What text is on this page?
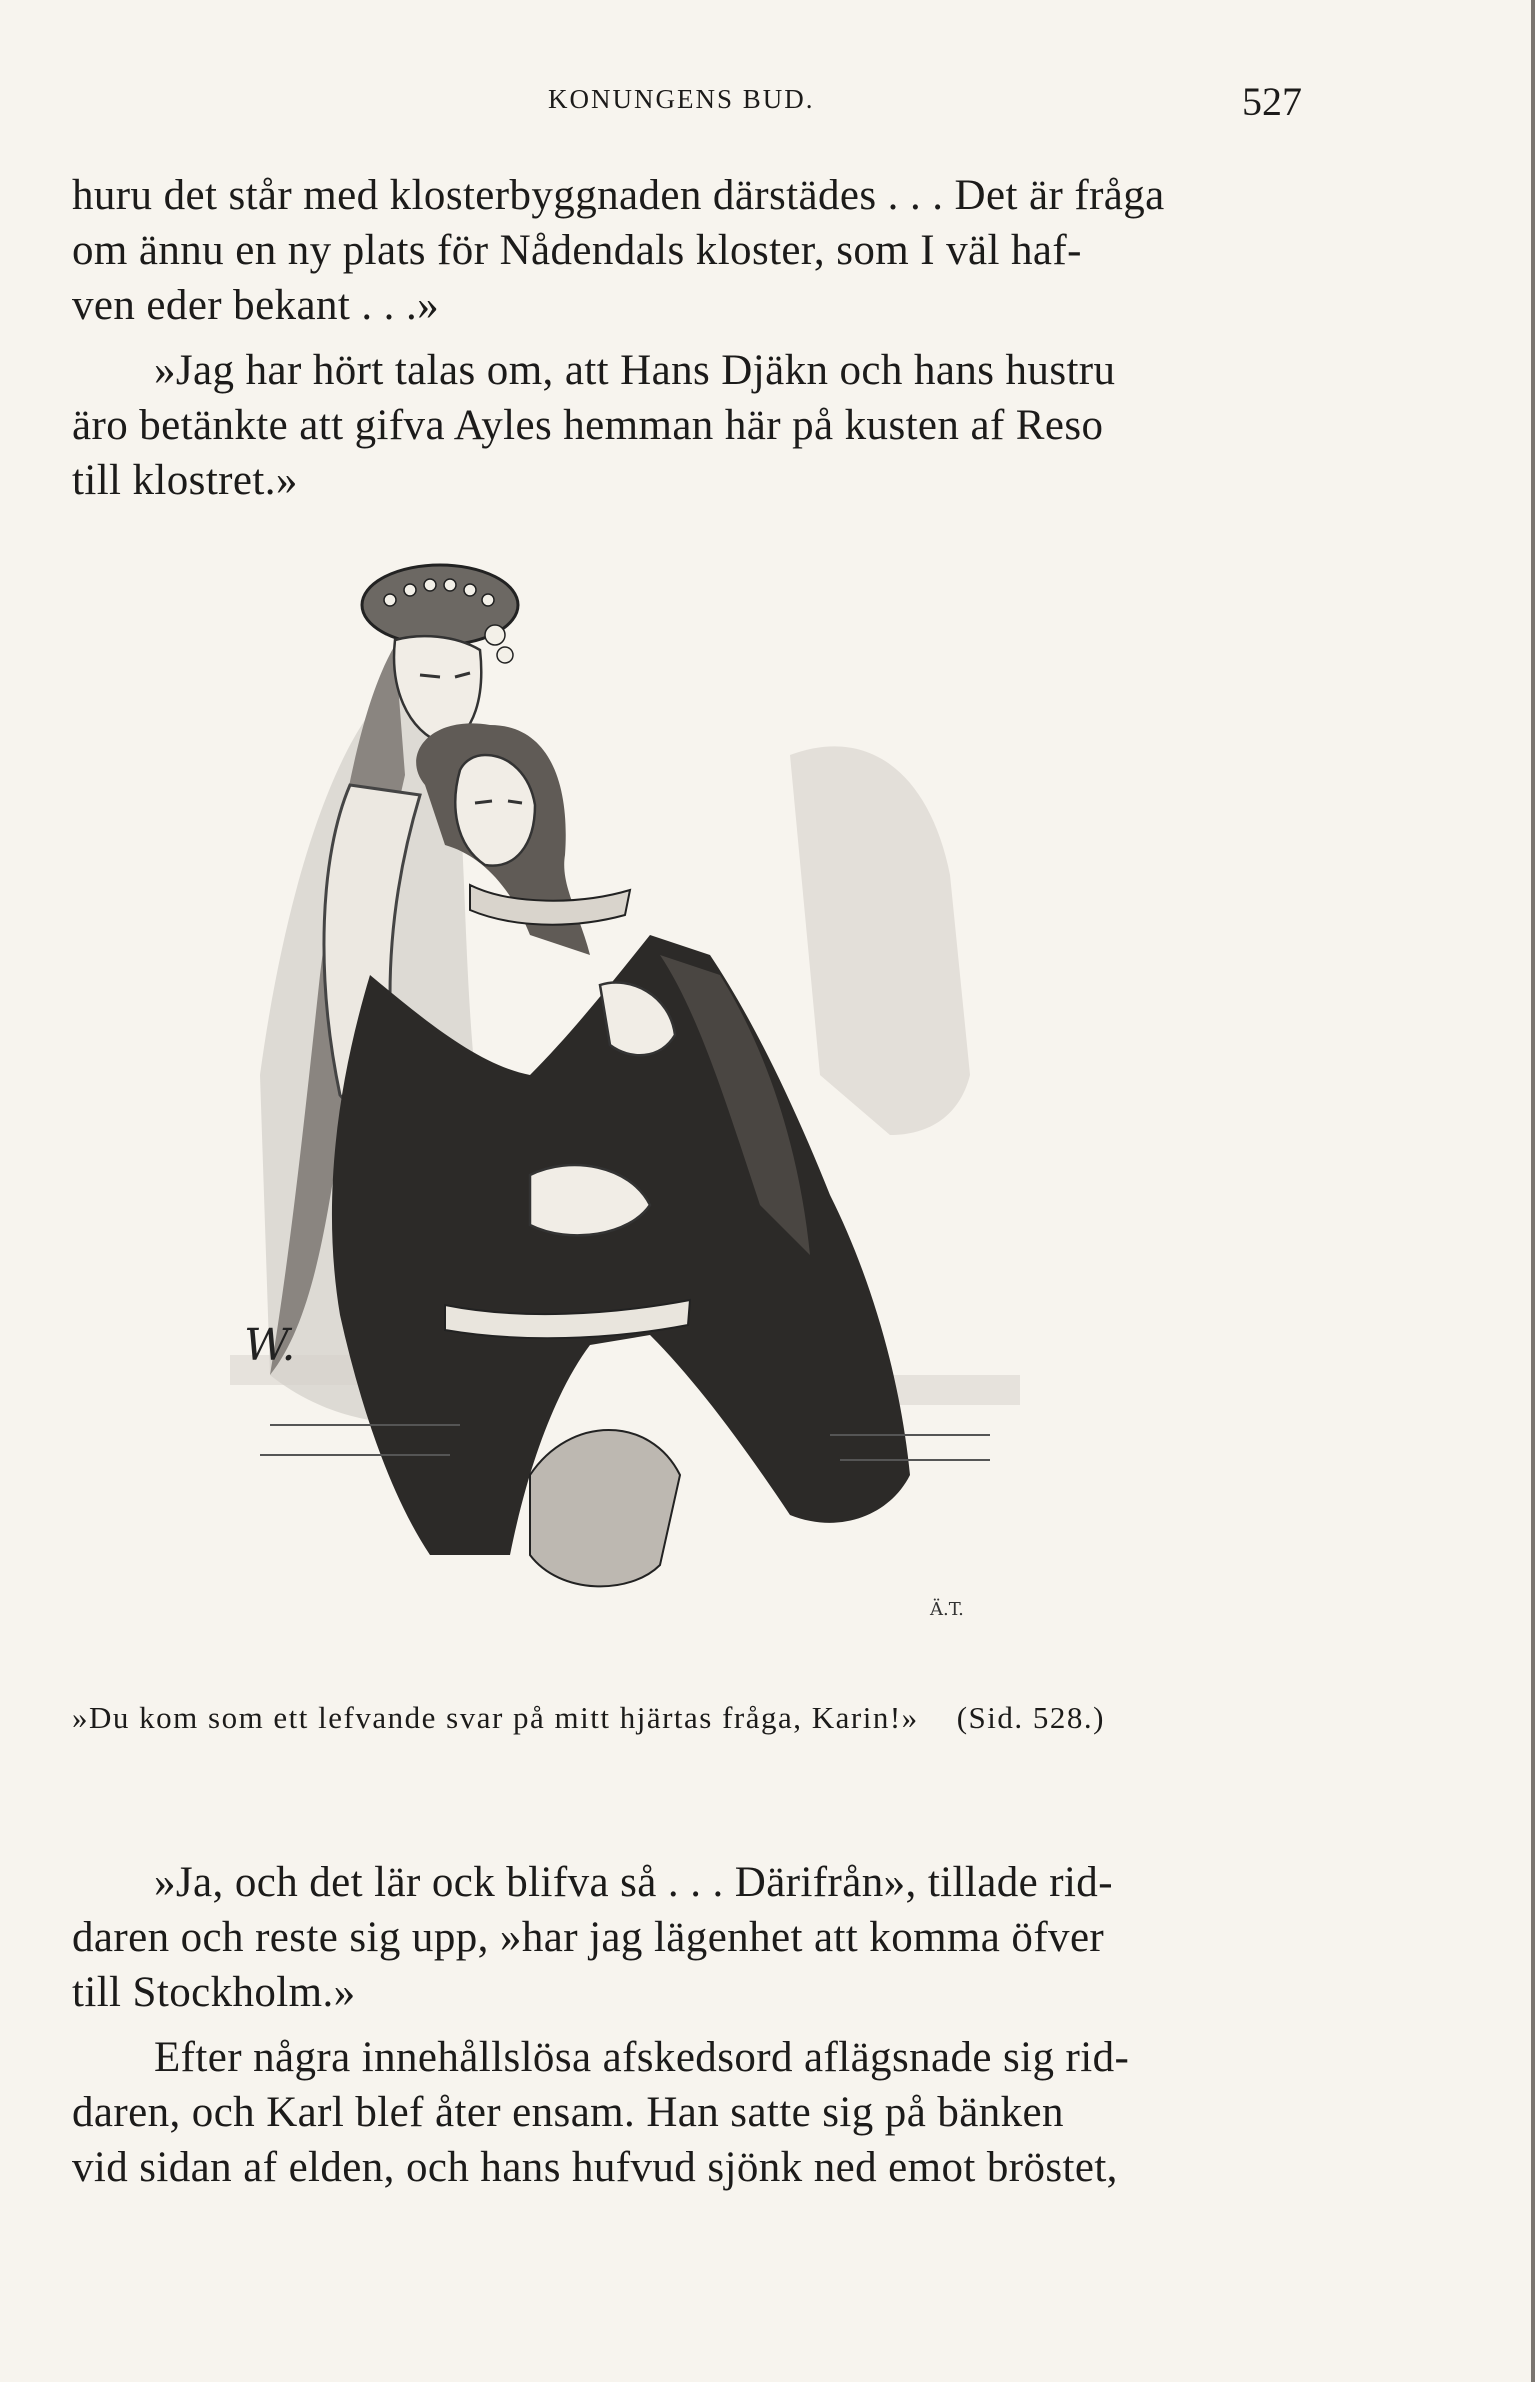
KONUNGENS BUD.	527
huru det står med klosterbyggnaden därstädes . . . Det är fråga
om ännu en ny plats för Nådendals kloster, som I väl haf-
ven eder bekant . . .»
»Jag har hört talas om, att Hans Djäkn och hans hustru
äro betänkte att gifva Ayles hemman här på kusten af Reso
till klostret.»
W.
Ä.T.
»Du kom som ett lefvande svar på mitt hjärtas fråga, Karin!» (Sid. 528.)
»Ja, och det lär ock blifva så . . . Därifrån», tillade rid-
daren och reste sig upp, »har jag lägenhet att komma öfver
till Stockholm.»
Efter några innehållslösa afskedsord aflägsnade sig rid-
daren, och Karl blef åter ensam. Han satte sig på bänken
vid sidan af elden, och hans hufvud sjönk ned emot bröstet,
